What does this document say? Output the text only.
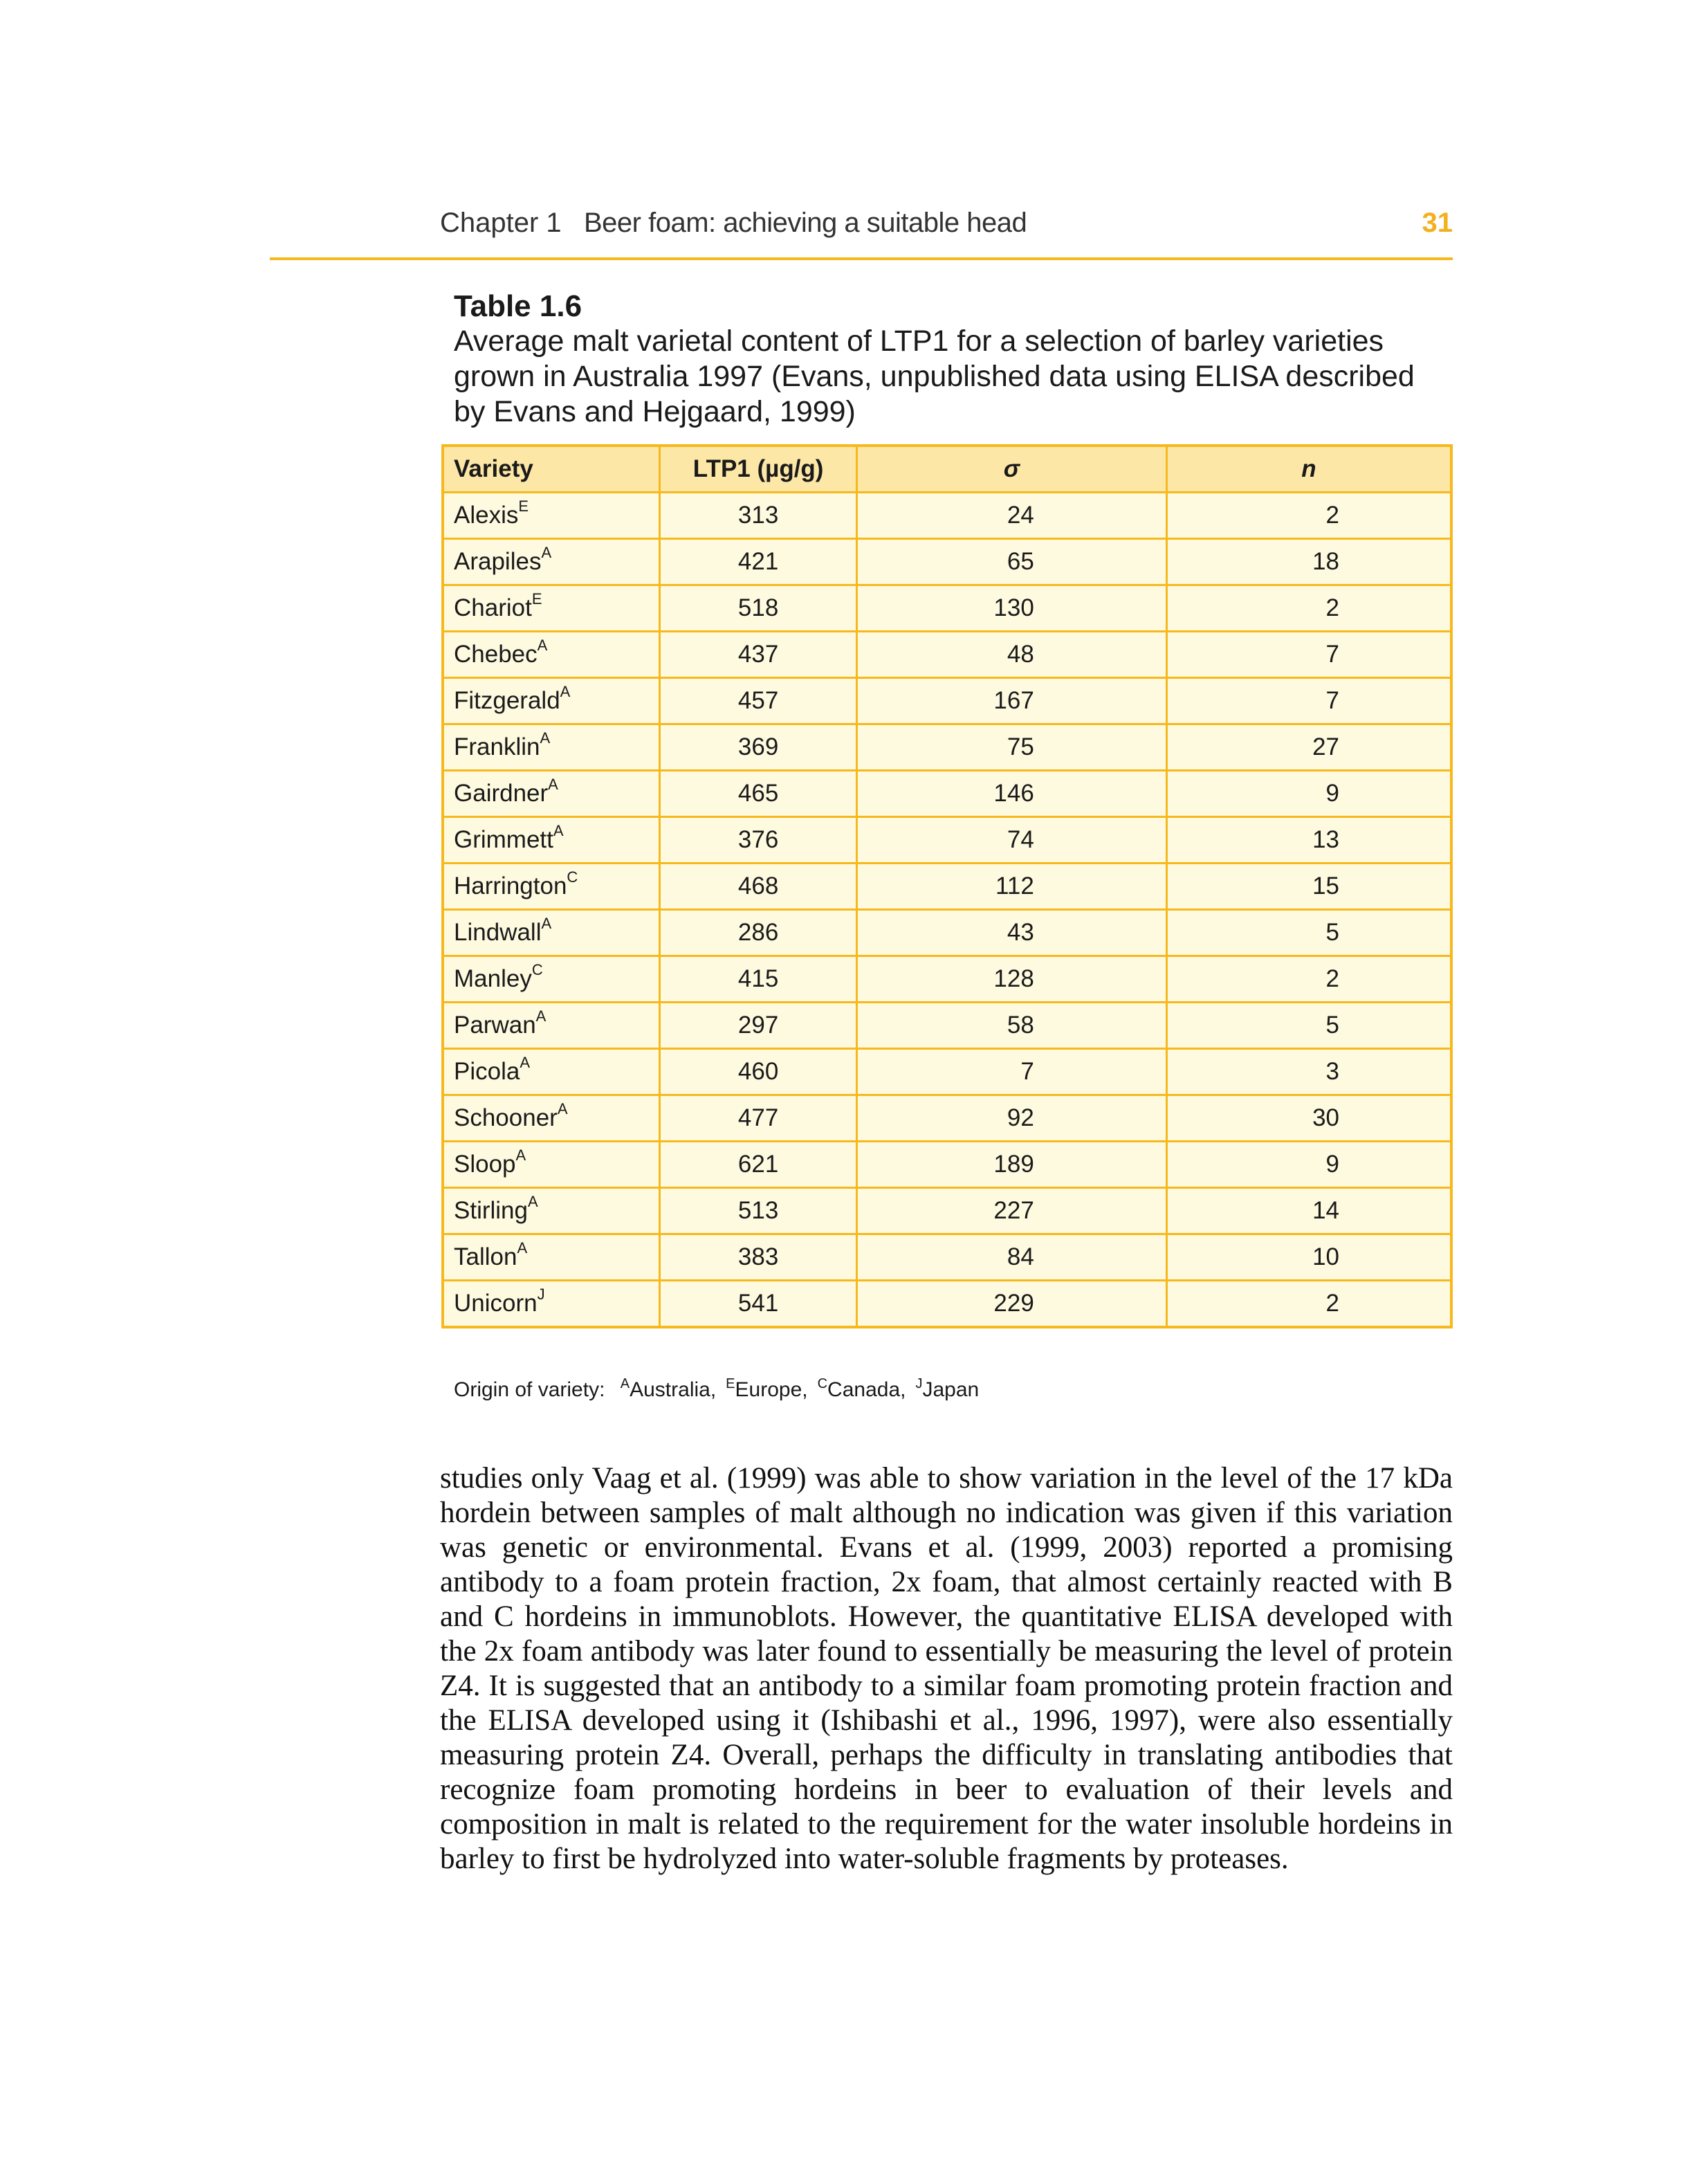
Chapter 1 Beer foam: achieving a suitable head	31
Table 1.6
Average malt varietal content of LTP1 for a selection of barley varieties grown in Australia 1997 (Evans, unpublished data using ELISA described by Evans and Hejgaard, 1999)
Variety	LTP1 (µg/g)	σ	n
Alexis$^E$	313	24	2
Arapiles$^A$	421	65	18
Chariot$^E$	518	130	2
Chebec$^A$	437	48	7
Fitzgerald$^A$	457	167	7
Franklin$^A$	369	75	27
Gairdner$^A$	465	146	9
Grimmett$^A$	376	74	13
Harrington$^C$	468	112	15
Lindwall$^A$	286	43	5
Manley$^C$	415	128	2
Parwan$^A$	297	58	5
Picola$^A$	460	7	3
Schooner$^A$	477	92	30
Sloop$^A$	621	189	9
Stirling$^A$	513	227	14
Tallon$^A$	383	84	10
Unicorn$^J$	541	229	2
Origin of variety: $^A$Australia, $^E$Europe, $^C$Canada, $^J$Japan
studies only Vaag et al. (1999) was able to show variation in the level of the 17 kDa hordein between samples of malt although no indication was given if this variation was genetic or environmental. Evans et al. (1999, 2003) reported a promising antibody to a foam protein fraction, 2x foam, that almost certainly reacted with B and C hordeins in immunoblots. However, the quantitative ELISA developed with the 2x foam antibody was later found to essentially be measuring the level of protein Z4. It is suggested that an antibody to a similar foam promoting protein fraction and the ELISA developed using it (Ishibashi et al., 1996, 1997), were also essentially measuring protein Z4. Overall, perhaps the difficulty in translating antibodies that recognize foam promoting hordeins in beer to evaluation of their levels and composition in malt is related to the requirement for the water insoluble hordeins in barley to first be hydrolyzed into water-soluble fragments by proteases.
